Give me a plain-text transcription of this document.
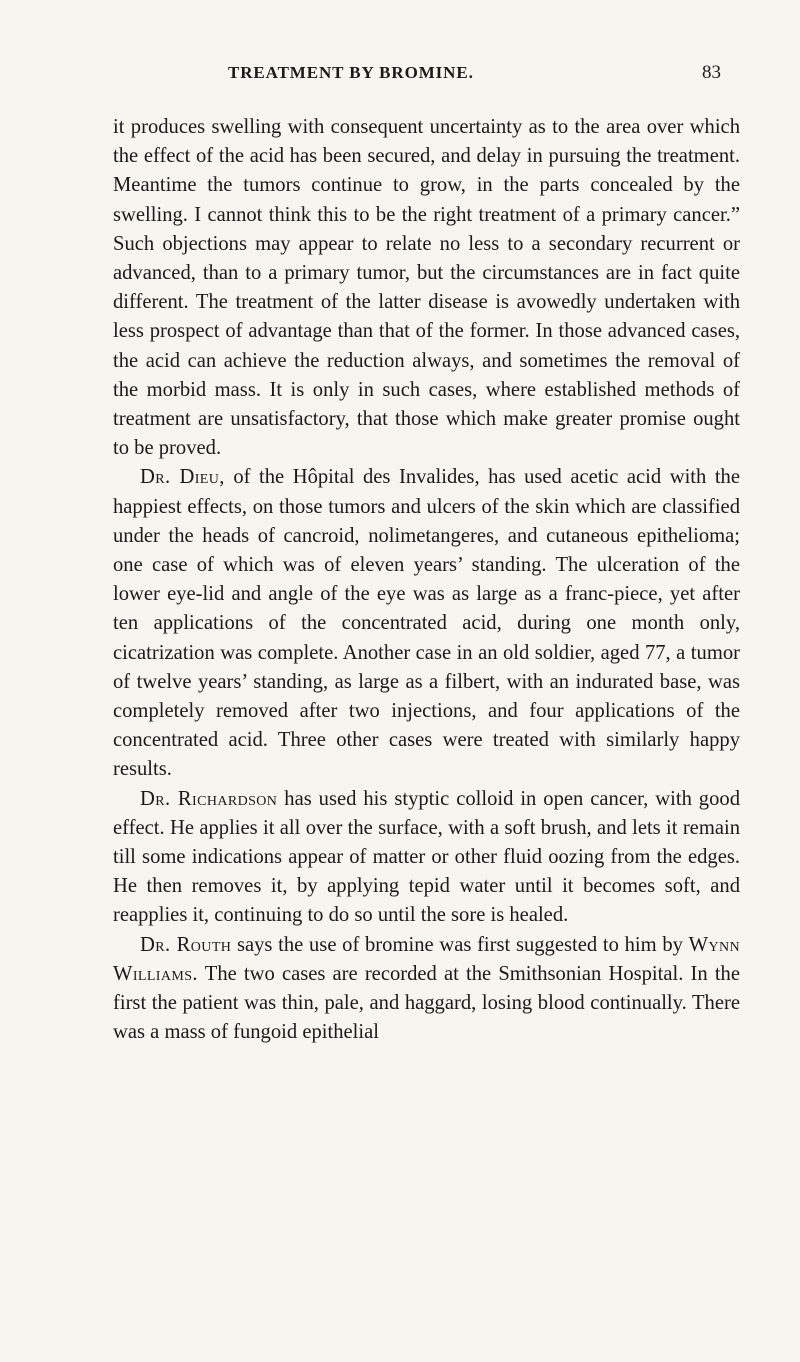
TREATMENT BY BROMINE.	83

it produces swelling with consequent uncertainty as to the area over which the effect of the acid has been secured, and delay in pursuing the treatment. Meantime the tumors continue to grow, in the parts concealed by the swelling. I cannot think this to be the right treatment of a primary cancer.” Such objections may appear to relate no less to a secondary recurrent or advanced, than to a primary tumor, but the circumstances are in fact quite different. The treatment of the latter disease is avowedly undertaken with less prospect of advantage than that of the former. In those advanced cases, the acid can achieve the reduction always, and sometimes the removal of the morbid mass. It is only in such cases, where established methods of treatment are unsatisfactory, that those which make greater promise ought to be proved.

Dr. Dieu, of the Hôpital des Invalides, has used acetic acid with the happiest effects, on those tumors and ulcers of the skin which are classified under the heads of cancroid, nolimetangeres, and cutaneous epithelioma; one case of which was of eleven years’ standing. The ulceration of the lower eye-lid and angle of the eye was as large as a franc-piece, yet after ten applications of the concentrated acid, during one month only, cicatrization was complete. Another case in an old soldier, aged 77, a tumor of twelve years’ standing, as large as a filbert, with an indurated base, was completely removed after two injections, and four applications of the concentrated acid. Three other cases were treated with similarly happy results.

Dr. Richardson has used his styptic colloid in open cancer, with good effect. He applies it all over the surface, with a soft brush, and lets it remain till some indications appear of matter or other fluid oozing from the edges. He then removes it, by applying tepid water until it becomes soft, and reapplies it, continuing to do so until the sore is healed.

Dr. Routh says the use of bromine was first suggested to him by Wynn Williams. The two cases are recorded at the Smithsonian Hospital. In the first the patient was thin, pale, and haggard, losing blood continually. There was a mass of fungoid epithelial
